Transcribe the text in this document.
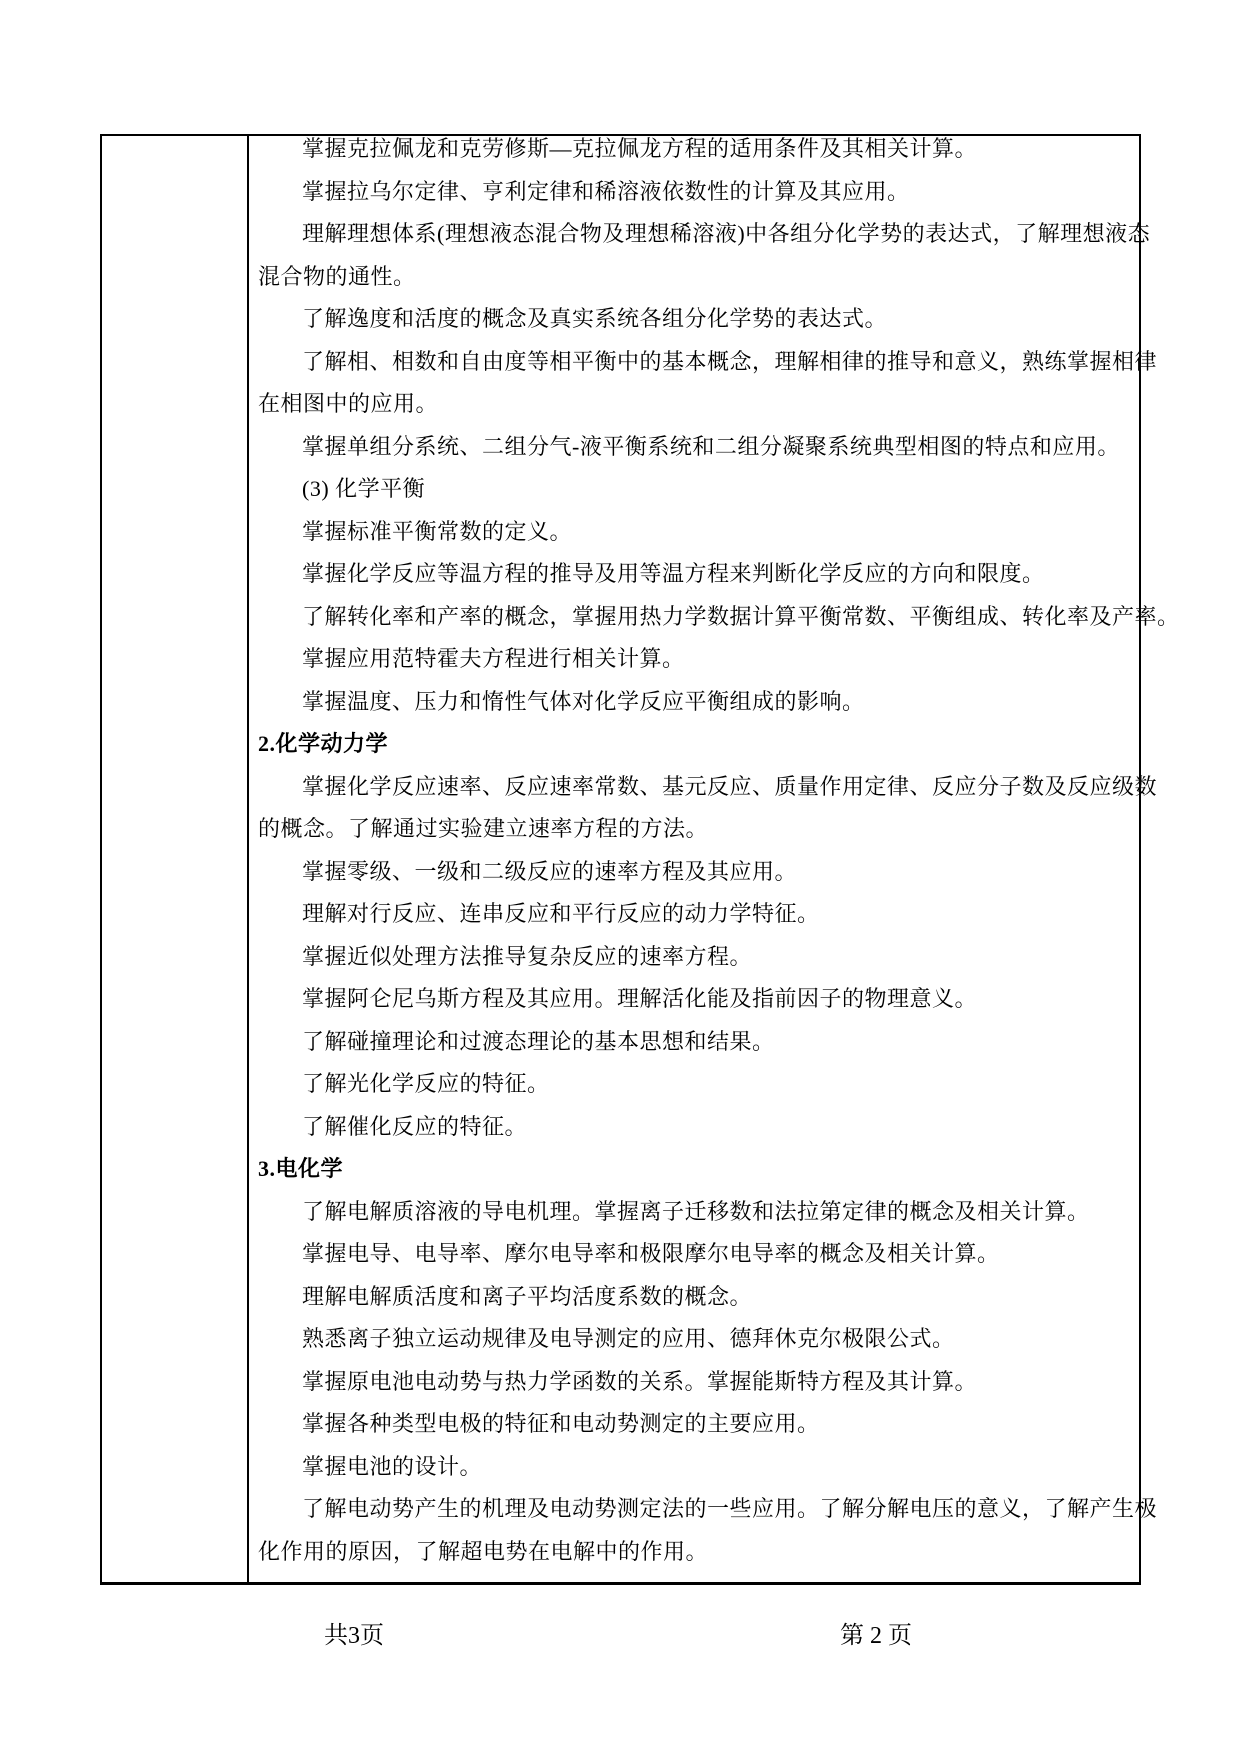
掌握克拉佩龙和克劳修斯—克拉佩龙方程的适用条件及其相关计算。
掌握拉乌尔定律、亨利定律和稀溶液依数性的计算及其应用。
理解理想体系(理想液态混合物及理想稀溶液)中各组分化学势的表达式，了解理想液态
混合物的通性。
了解逸度和活度的概念及真实系统各组分化学势的表达式。
了解相、相数和自由度等相平衡中的基本概念，理解相律的推导和意义，熟练掌握相律
在相图中的应用。
掌握单组分系统、二组分气-液平衡系统和二组分凝聚系统典型相图的特点和应用。
(3) 化学平衡
掌握标准平衡常数的定义。
掌握化学反应等温方程的推导及用等温方程来判断化学反应的方向和限度。
了解转化率和产率的概念，掌握用热力学数据计算平衡常数、平衡组成、转化率及产率。
掌握应用范特霍夫方程进行相关计算。
掌握温度、压力和惰性气体对化学反应平衡组成的影响。
2.化学动力学
掌握化学反应速率、反应速率常数、基元反应、质量作用定律、反应分子数及反应级数
的概念。了解通过实验建立速率方程的方法。
掌握零级、一级和二级反应的速率方程及其应用。
理解对行反应、连串反应和平行反应的动力学特征。
掌握近似处理方法推导复杂反应的速率方程。
掌握阿仑尼乌斯方程及其应用。理解活化能及指前因子的物理意义。
了解碰撞理论和过渡态理论的基本思想和结果。
了解光化学反应的特征。
了解催化反应的特征。
3.电化学
了解电解质溶液的导电机理。掌握离子迁移数和法拉第定律的概念及相关计算。
掌握电导、电导率、摩尔电导率和极限摩尔电导率的概念及相关计算。
理解电解质活度和离子平均活度系数的概念。
熟悉离子独立运动规律及电导测定的应用、德拜休克尔极限公式。
掌握原电池电动势与热力学函数的关系。掌握能斯特方程及其计算。
掌握各种类型电极的特征和电动势测定的主要应用。
掌握电池的设计。
了解电动势产生的机理及电动势测定法的一些应用。了解分解电压的意义，了解产生极
化作用的原因，了解超电势在电解中的作用。
共3页	第 2 页
